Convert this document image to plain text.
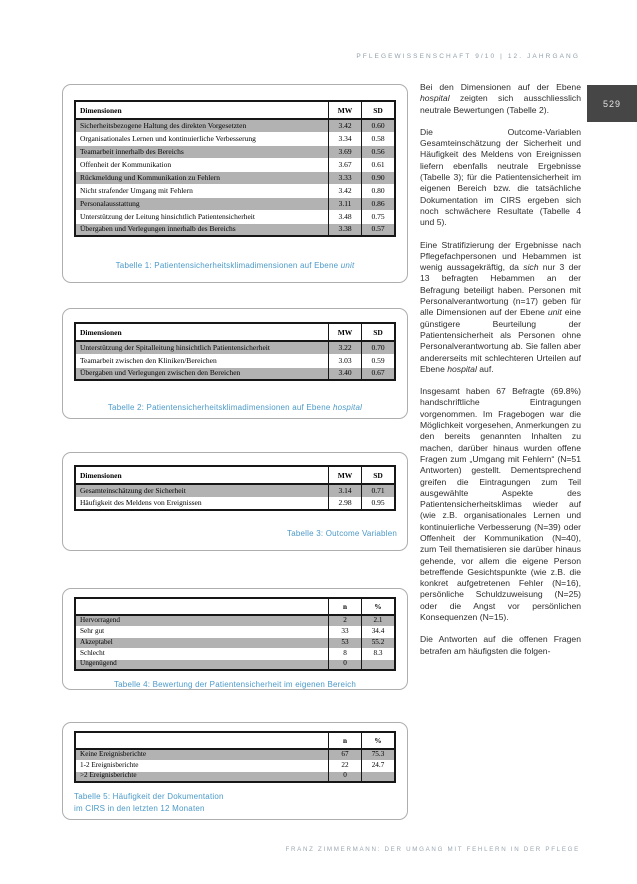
PFLEGEWISSENSCHAFT 9/10 | 12. JAHRGANG
529
Dimensionen	MW	SD
Sicherheitsbezogene Haltung des direkten Vorgesetzten	3.42	0.60
Organisationales Lernen und kontinuierliche Verbesserung	3.34	0.58
Teamarbeit innerhalb des Bereichs	3.69	0.56
Offenheit der Kommunikation	3.67	0.61
Rückmeldung und Kommunikation zu Fehlern	3.33	0.90
Nicht strafender Umgang mit Fehlern	3.42	0.80
Personalausstattung	3.11	0.86
Unterstützung der Leitung hinsichtlich Patientensicherheit	3.48	0.75
Übergaben und Verlegungen innerhalb des Bereichs	3.38	0.57
Tabelle 1: Patientensicherheitsklimadimensionen auf Ebene unit
Dimensionen	MW	SD
Unterstützung der Spitalleitung hinsichtlich Patientensicherheit	3.22	0.70
Teamarbeit zwischen den Kliniken/Bereichen	3.03	0.59
Übergaben und Verlegungen zwischen den Bereichen	3.40	0.67
Tabelle 2: Patientensicherheitsklimadimensionen auf Ebene hospital
Dimensionen	MW	SD
Gesamteinschätzung der Sicherheit	3.14	0.71
Häufigkeit des Meldens von Ereignissen	2.98	0.95
Tabelle 3: Outcome Variablen
	n	%
Hervorragend	2	2.1
Sehr gut	33	34.4
Akzeptabel	53	55.2
Schlecht	8	8.3
Ungenügend	0	
Tabelle 4: Bewertung der Patientensicherheit im eigenen Bereich
	n	%
Keine Ereignisberichte	67	75.3
1-2 Ereignisberichte	22	24.7
>2 Ereignisberichte	0	
Tabelle 5: Häufigkeit der Dokumentation
im CIRS in den letzten 12 Monaten

Bei den Dimensionen auf der Ebene hospital zeigten sich ausschliesslich neutrale Bewertungen (Tabelle 2).

Die Outcome-Variablen Gesamteinschätzung der Sicherheit und Häufigkeit des Meldens von Ereignissen liefern ebenfalls neutrale Ergebnisse (Tabelle 3); für die Patientensicherheit im eigenen Bereich bzw. die tatsächliche Dokumentation im CIRS ergeben sich noch schwächere Resultate (Tabelle 4 und 5).

Eine Stratifizierung der Ergebnisse nach Pflegefachpersonen und Hebammen ist wenig aussagekräftig, da sich nur 3 der 13 befragten Hebammen an der Befragung beteiligt haben. Personen mit Personalverantwortung (n=17) geben für alle Dimensionen auf der Ebene unit eine günstigere Beurteilung der Patientensicherheit als Personen ohne Personalverantwortung ab. Sie fallen aber andererseits mit schlechteren Urteilen auf Ebene hospital auf.

Insgesamt haben 67 Befragte (69.8%) handschriftliche Eintragungen vorgenommen. Im Fragebogen war die Möglichkeit vorgesehen, Anmerkungen zu den bereits genannten Inhalten zu machen, darüber hinaus wurden offene Fragen zum „Umgang mit Fehlern“ (N=51 Antworten) gestellt. Dementsprechend greifen die Eintragungen zum Teil ausgewählte Aspekte des Patientensicherheitsklimas wieder auf (wie z.B. organisationales Lernen und kontinuierliche Verbesserung (N=39) oder Offenheit der Kommunikation (N=40), zum Teil thematisieren sie darüber hinaus gehende, vor allem die eigene Person betreffende Gesichtspunkte (wie z.B. die konkret aufgetretenen Fehler (N=16), persönliche Schuldzuweisung (N=25) oder die Angst vor persönlichen Konsequenzen (N=15).

Die Antworten auf die offenen Fragen betrafen am häufigsten die folgen-

FRANZ ZIMMERMANN: DER UMGANG MIT FEHLERN IN DER PFLEGE
